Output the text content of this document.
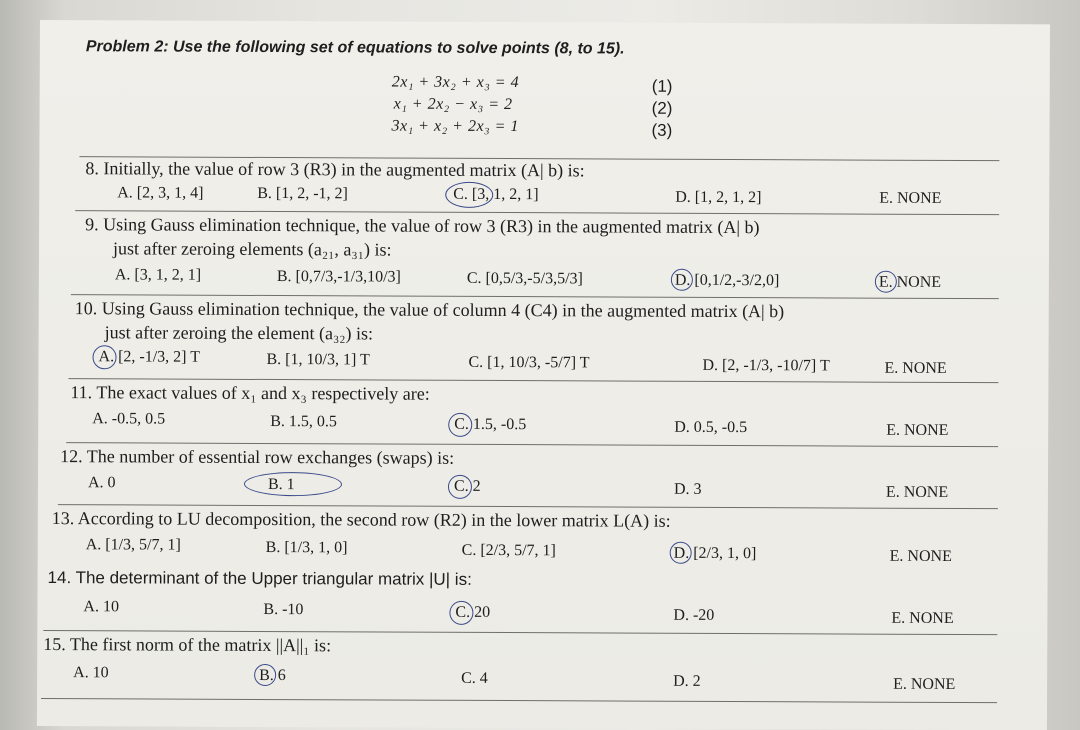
Problem 2: Use the following set of equations to solve points (8, to 15).
2x₁ + 3x₂ + x₃ = 4	(1)
x₁ + 2x₂ − x₃ = 2	(2)
3x₁ + x₂ + 2x₃ = 1	(3)
8. Initially, the value of row 3 (R3) in the augmented matrix (A| b) is:
A. [2, 3, 1, 4]	B. [1, 2, -1, 2]	C. [3, 1, 2, 1]	D. [1, 2, 1, 2]	E. NONE
9. Using Gauss elimination technique, the value of row 3 (R3) in the augmented matrix (A| b)
just after zeroing elements (a₂₁, a₃₁) is:
A. [3, 1, 2, 1]	B. [0,7/3,-1/3,10/3]	C. [0,5/3,-5/3,5/3]	D. [0,1/2,-3/2,0]	E. NONE
10. Using Gauss elimination technique, the value of column 4 (C4) in the augmented matrix (A| b)
just after zeroing the element (a₃₂) is:
A. [2, -1/3, 2] T	B. [1, 10/3, 1] T	C. [1, 10/3, -5/7] T	D. [2, -1/3, -10/7] T	E. NONE
11. The exact values of x₁ and x₃ respectively are:
A. -0.5, 0.5	B. 1.5, 0.5	C. 1.5, -0.5	D. 0.5, -0.5	E. NONE
12. The number of essential row exchanges (swaps) is:
A. 0	B. 1	C. 2	D. 3	E. NONE
13. According to LU decomposition, the second row (R2) in the lower matrix L(A) is:
A. [1/3, 5/7, 1]	B. [1/3, 1, 0]	C. [2/3, 5/7, 1]	D. [2/3, 1, 0]	E. NONE
14. The determinant of the Upper triangular matrix |U| is:
A. 10	B. -10	C. 20	D. -20	E. NONE
15. The first norm of the matrix ||A||₁ is:
A. 10	B. 6	C. 4	D. 2	E. NONE
